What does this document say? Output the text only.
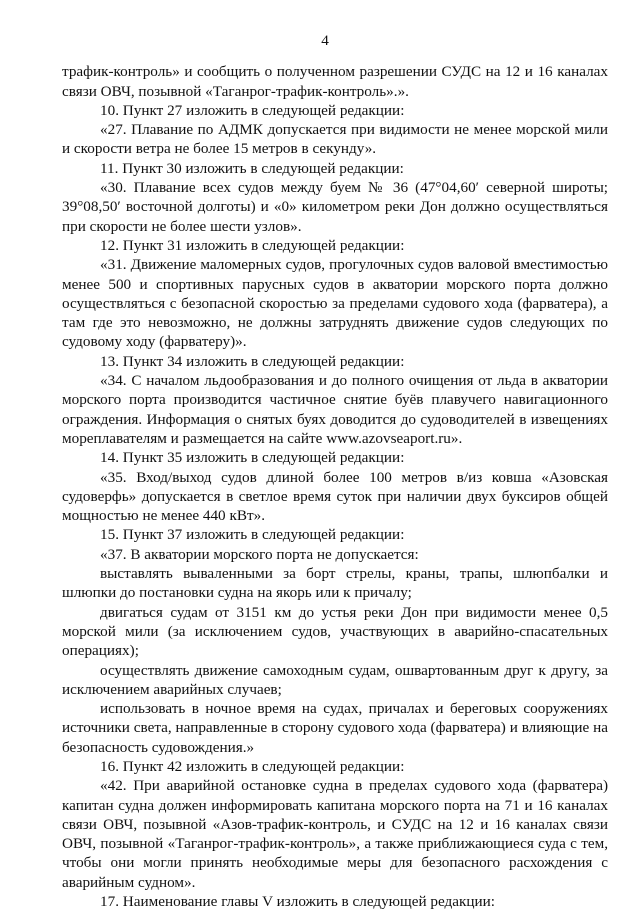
4

трафик-контроль» и сообщить о полученном разрешении СУДС на 12 и 16 каналах связи ОВЧ, позывной «Таганрог-трафик-контроль».».

10. Пункт 27 изложить в следующей редакции:

«27. Плавание по АДМК допускается при видимости не менее морской мили и скорости ветра не более 15 метров в секунду».

11. Пункт 30 изложить в следующей редакции:

«30. Плавание всех судов между буем № 36 (47°04,60′ северной широты; 39°08,50′ восточной долготы) и «0» километром реки Дон должно осуществляться при скорости не более шести узлов».

12. Пункт 31 изложить в следующей редакции:

«31. Движение маломерных судов, прогулочных судов валовой вместимостью менее 500 и спортивных парусных судов в акватории морского порта должно осуществляться с безопасной скоростью за пределами судового хода (фарватера), а там где это невозможно, не должны затруднять движение судов следующих по судовому ходу (фарватеру)».

13. Пункт 34 изложить в следующей редакции:

«34. С началом льдообразования и до полного очищения от льда в акватории морского порта производится частичное снятие буёв плавучего навигационного ограждения. Информация о снятых буях доводится до судоводителей в извещениях мореплавателям и размещается на сайте www.azovseaport.ru».

14. Пункт 35 изложить в следующей редакции:

«35. Вход/выход судов длиной более 100 метров в/из ковша «Азовская судоверфь» допускается в светлое время суток при наличии двух буксиров общей мощностью не менее 440 кВт».

15. Пункт 37 изложить в следующей редакции:

«37. В акватории морского порта не допускается:

выставлять вываленными за борт стрелы, краны, трапы, шлюпбалки и шлюпки до постановки судна на якорь или к причалу;

двигаться судам от 3151 км до устья реки Дон при видимости менее 0,5 морской мили (за исключением судов, участвующих в аварийно-спасательных операциях);

осуществлять движение самоходным судам, ошвартованным друг к другу, за исключением аварийных случаев;

использовать в ночное время на судах, причалах и береговых сооружениях источники света, направленные в сторону судового хода (фарватера) и влияющие на безопасность судовождения.»

16. Пункт 42 изложить в следующей редакции:

«42. При аварийной остановке судна в пределах судового хода (фарватера) капитан судна должен информировать капитана морского порта на 71 и 16 каналах связи ОВЧ, позывной «Азов-трафик-контроль, и СУДС на 12 и 16 каналах связи ОВЧ, позывной «Таганрог-трафик-контроль», а также приближающиеся суда с тем, чтобы они могли принять необходимые меры для безопасного расхождения с аварийным судном».

17. Наименование главы V изложить в следующей редакции:
